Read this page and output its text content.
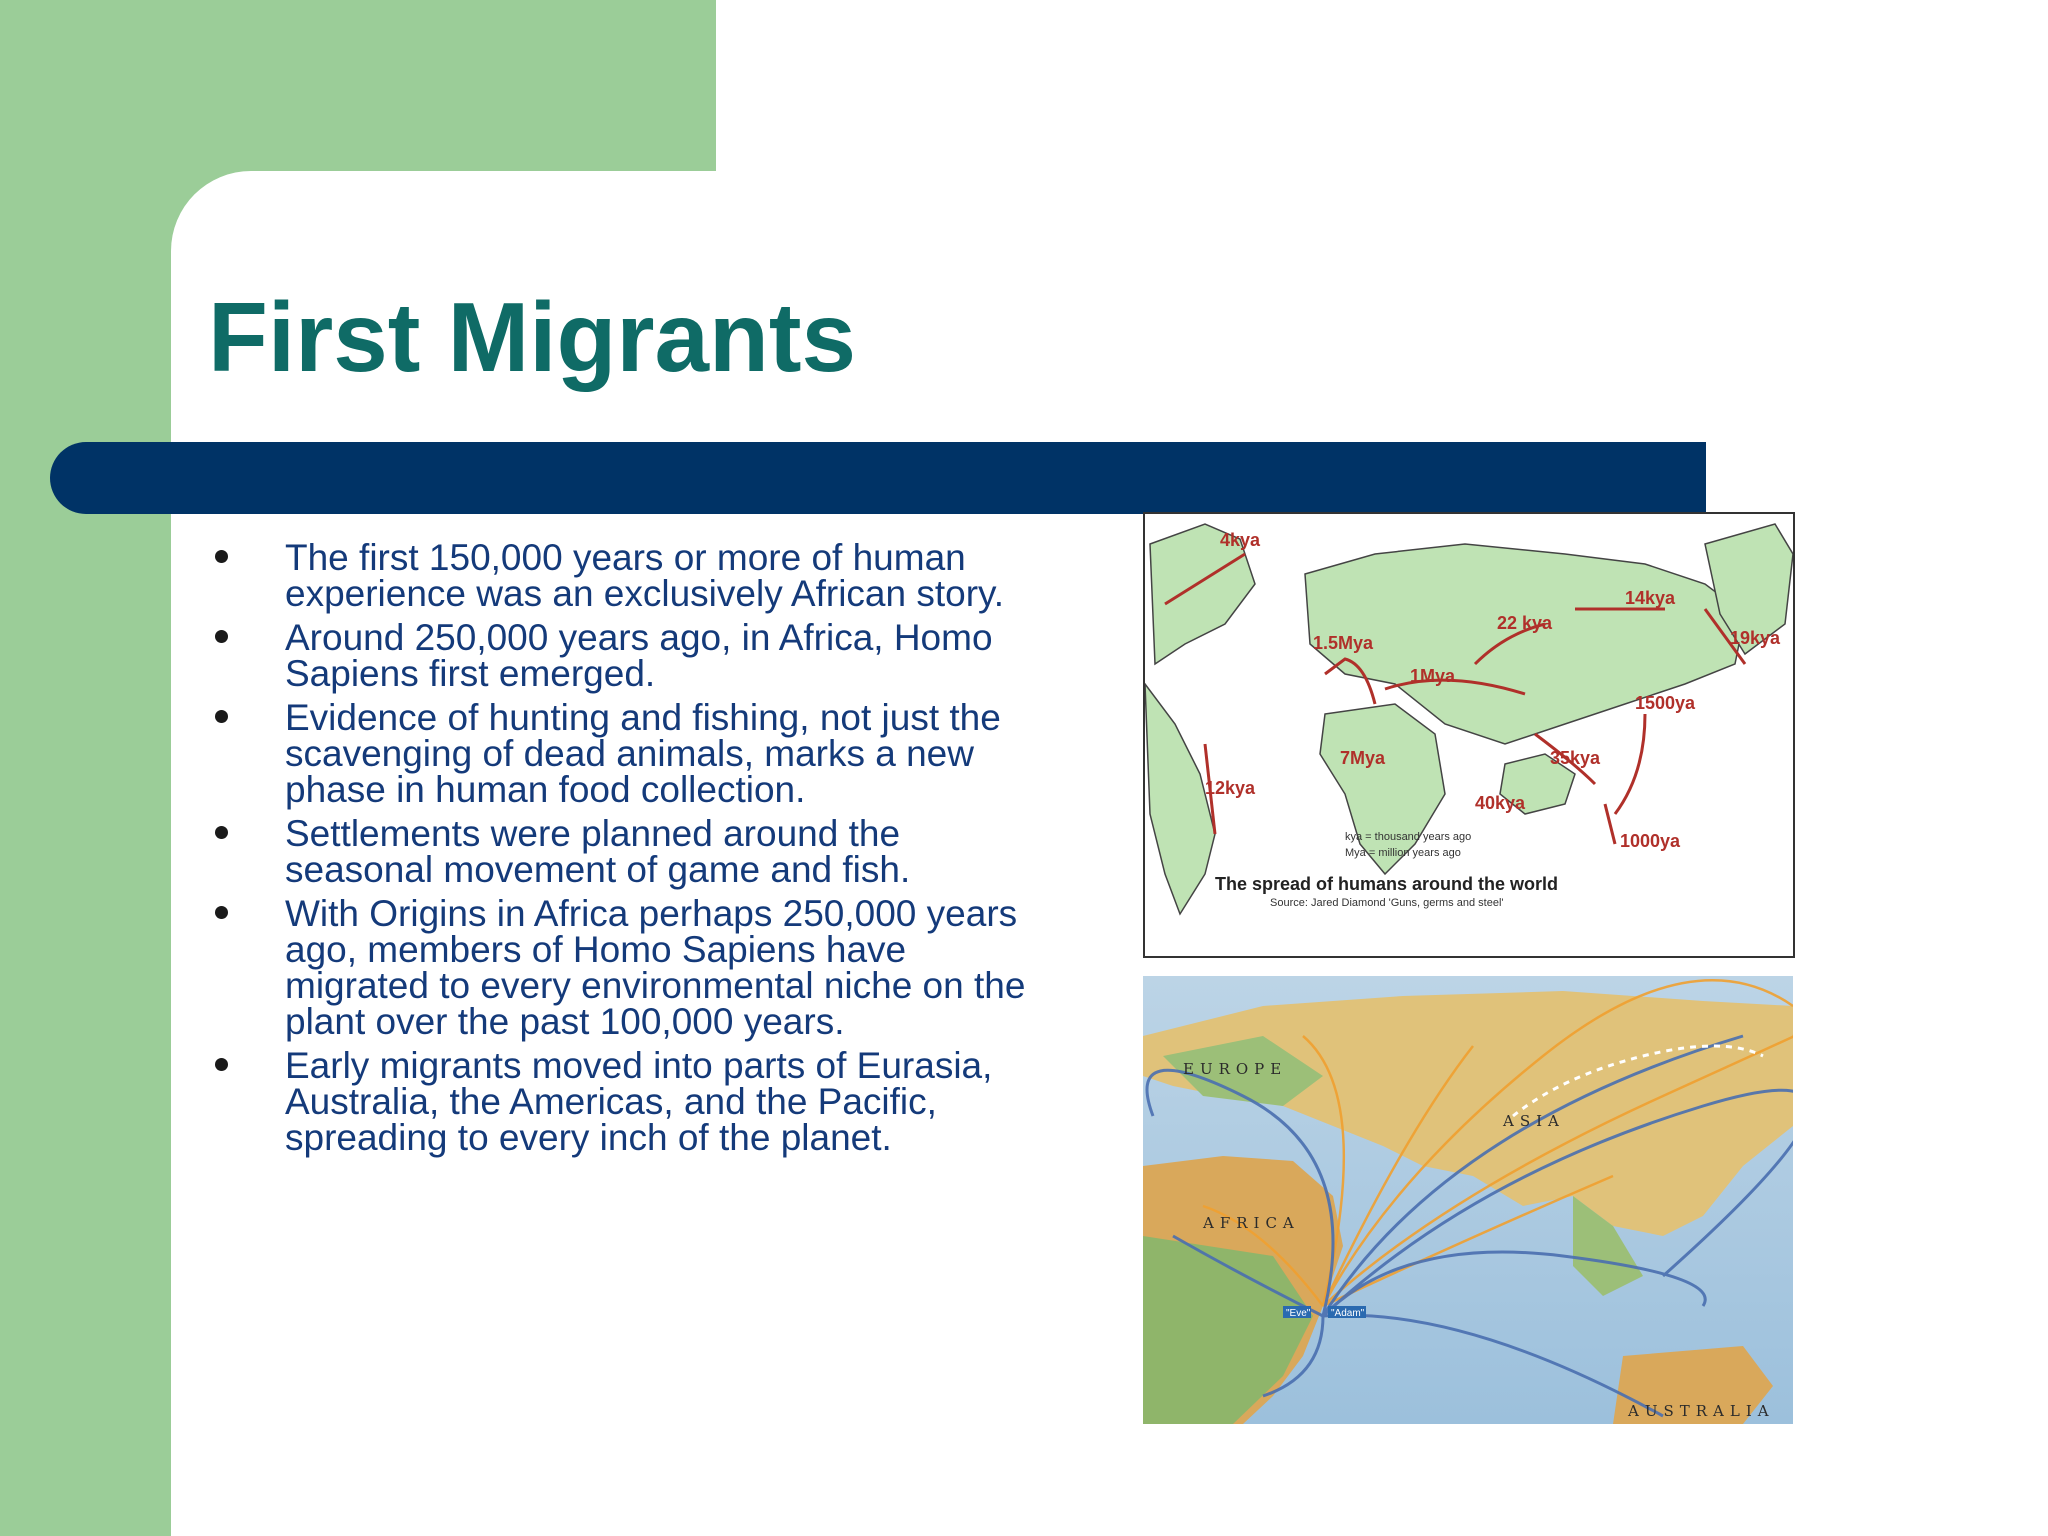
First Migrants
The first 150,000 years or more of human experience was an exclusively African story.
Around 250,000 years ago, in Africa, Homo Sapiens first emerged.
Evidence of hunting and fishing, not just the scavenging of dead animals, marks a new phase in human food collection.
Settlements were planned around the seasonal movement of game and fish.
With Origins in Africa perhaps 250,000 years ago, members of Homo Sapiens have migrated to every environmental niche on the plant over the past 100,000 years.
Early migrants moved into parts of Eurasia, Australia, the Americas, and the Pacific, spreading to every inch of the planet.
4kya
1.5Mya
1Mya
22 kya
14kya
19kya
1500ya
7Mya	35kya
12kya
40kya
1000ya
kya = thousand years ago
Mya = million years ago
The spread of humans around the world
Source: Jared Diamond 'Guns, germs and steel'
EUROPE
ASIA
AFRICA
AUSTRALIA
"Eve" "Adam"
